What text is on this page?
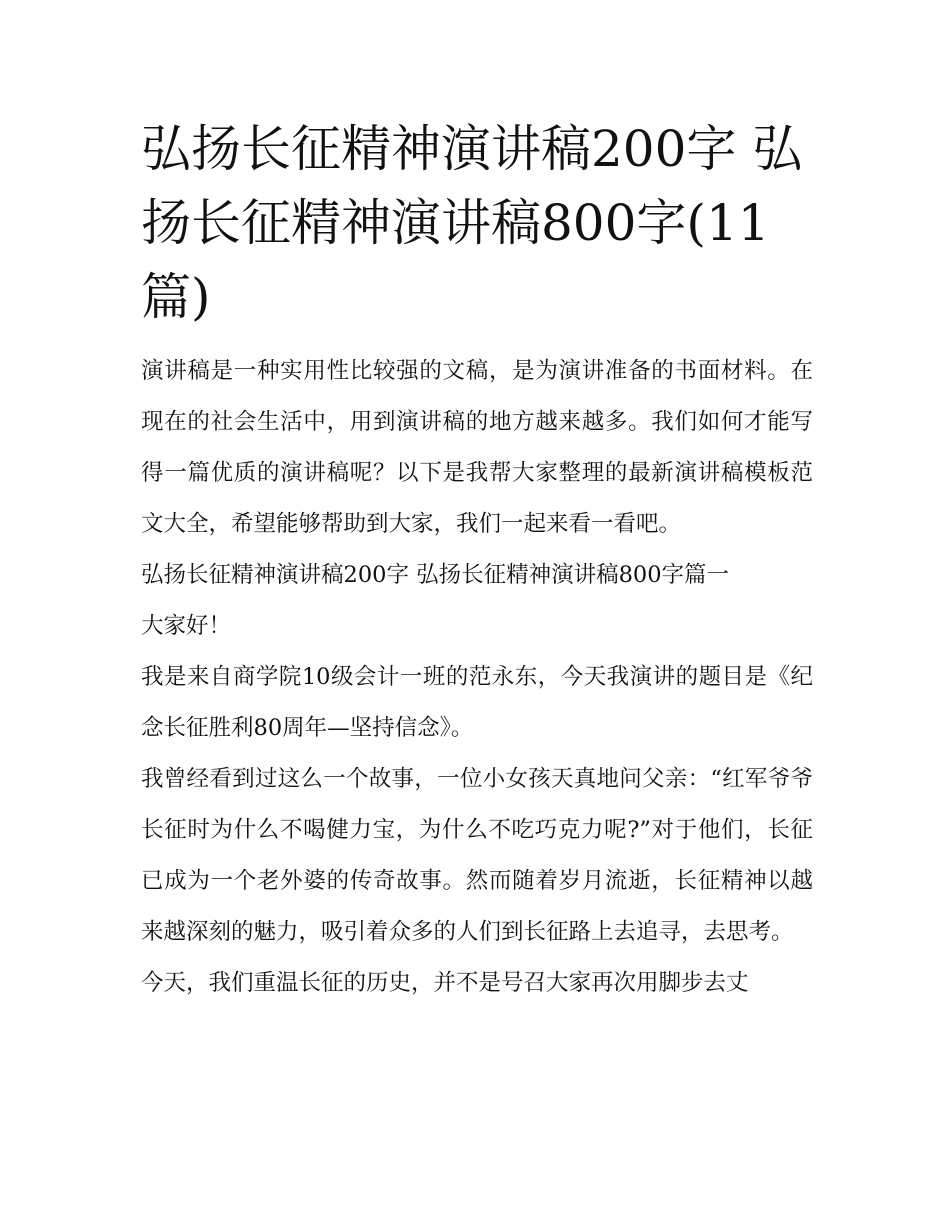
弘扬长征精神演讲稿200字 弘扬长征精神演讲稿800字(11篇)

演讲稿是一种实用性比较强的文稿，是为演讲准备的书面材料。在现在的社会生活中，用到演讲稿的地方越来越多。我们如何才能写得一篇优质的演讲稿呢？以下是我帮大家整理的最新演讲稿模板范文大全，希望能够帮助到大家，我们一起来看一看吧。

弘扬长征精神演讲稿200字 弘扬长征精神演讲稿800字篇一

大家好！

我是来自商学院10级会计一班的范永东，今天我演讲的题目是《纪念长征胜利80周年—坚持信念》。

我曾经看到过这么一个故事，一位小女孩天真地问父亲：“红军爷爷长征时为什么不喝健力宝，为什么不吃巧克力呢?”对于他们，长征已成为一个老外婆的传奇故事。然而随着岁月流逝，长征精神以越来越深刻的魅力，吸引着众多的人们到长征路上去追寻，去思考。

今天，我们重温长征的历史，并不是号召大家再次用脚步去丈
